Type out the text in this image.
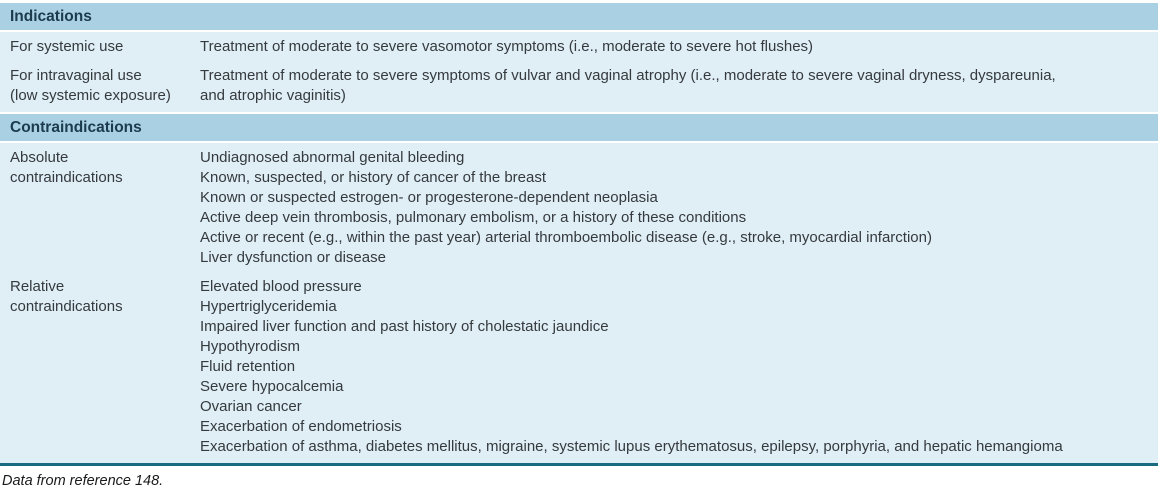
Indications
For systemic use	Treatment of moderate to severe vasomotor symptoms (i.e., moderate to severe hot flushes)
For intravaginal use
(low systemic exposure)
Treatment of moderate to severe symptoms of vulvar and vaginal atrophy (i.e., moderate to severe vaginal dryness, dyspareunia,
and atrophic vaginitis)
Contraindications
Absolute
contraindications
Undiagnosed abnormal genital bleeding
Known, suspected, or history of cancer of the breast
Known or suspected estrogen- or progesterone-dependent neoplasia
Active deep vein thrombosis, pulmonary embolism, or a history of these conditions
Active or recent (e.g., within the past year) arterial thromboembolic disease (e.g., stroke, myocardial infarction)
Liver dysfunction or disease
Relative
contraindications
Elevated blood pressure
Hypertriglyceridemia
Impaired liver function and past history of cholestatic jaundice
Hypothyrodism
Fluid retention
Severe hypocalcemia
Ovarian cancer
Exacerbation of endometriosis
Exacerbation of asthma, diabetes mellitus, migraine, systemic lupus erythematosus, epilepsy, porphyria, and hepatic hemangioma
Data from reference 148.
